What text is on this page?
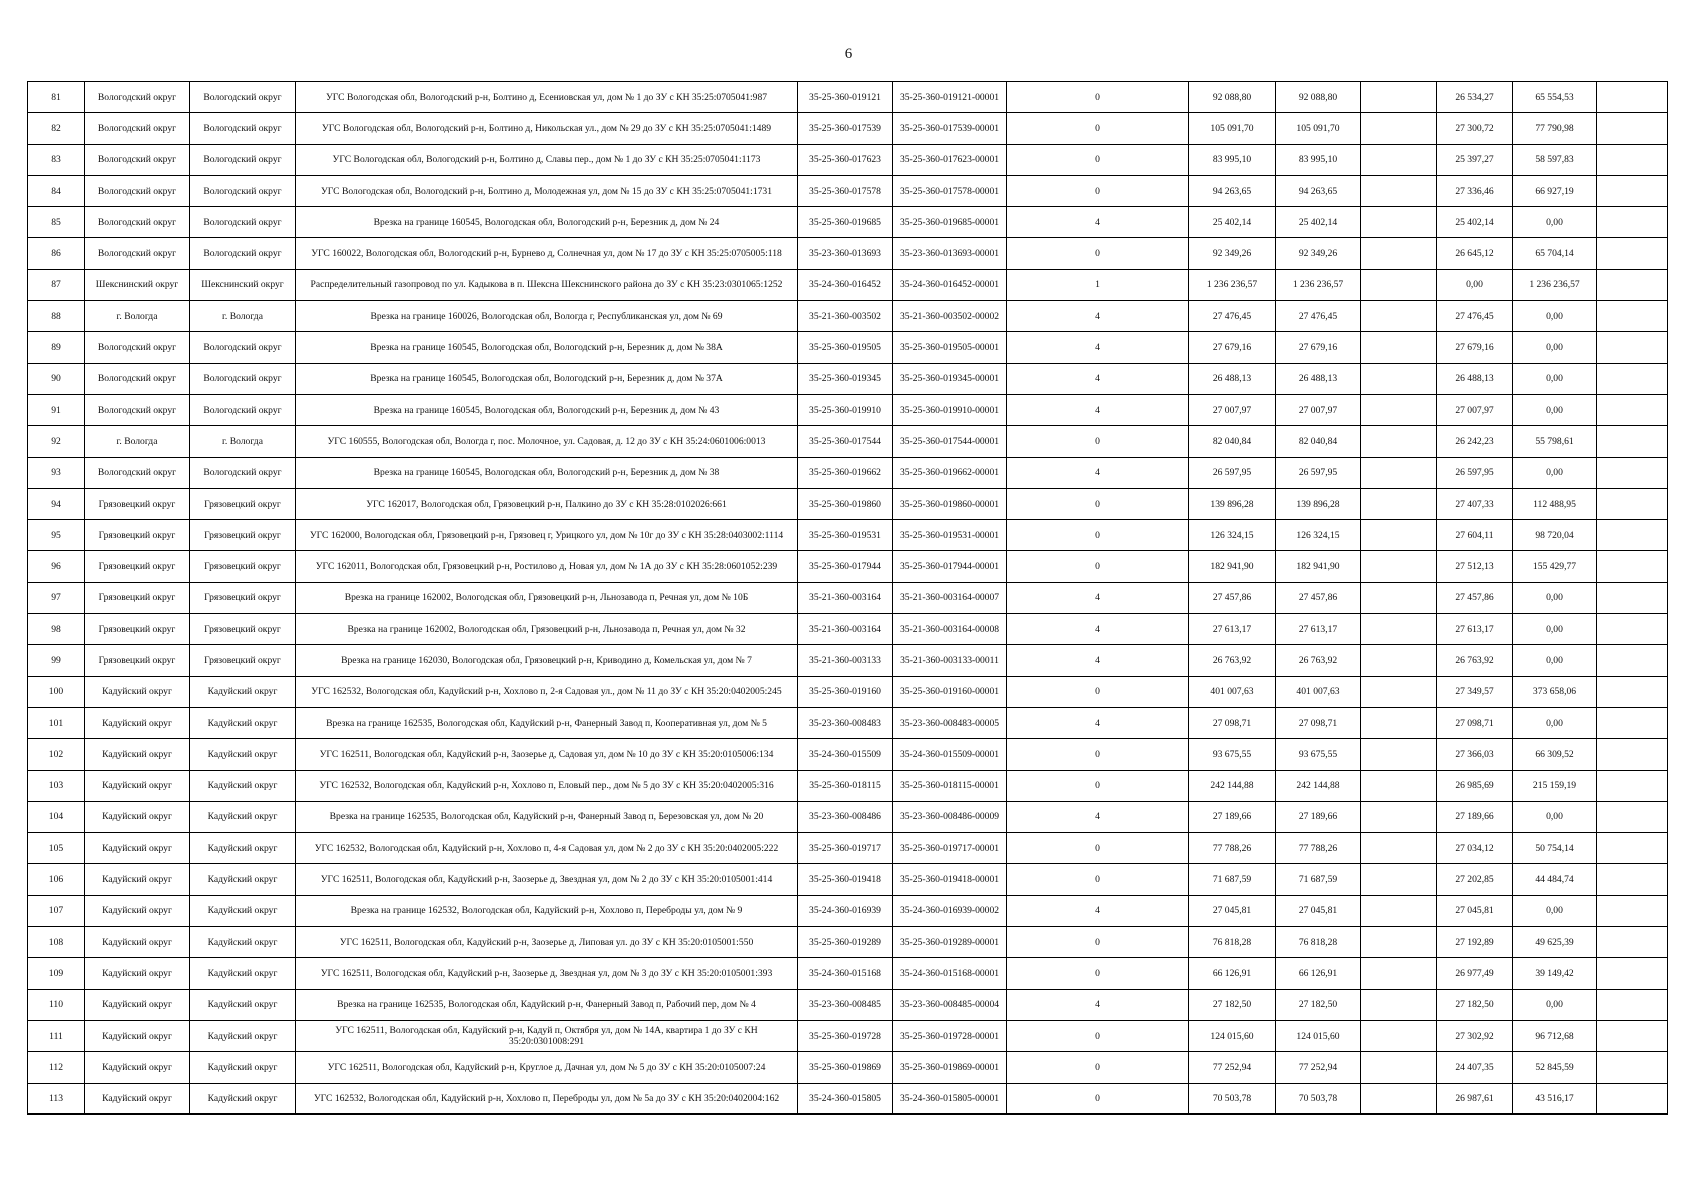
6
81	Вологодский округ	Вологодский округ	УГС Вологодская обл, Вологодский р-н, Болтино д, Есениовская ул, дом № 1 до ЗУ с КН 35:25:0705041:987	35-25-360-019121	35-25-360-019121-00001	0	92 088,80	92 088,80		26 534,27	65 554,53	
82	Вологодский округ	Вологодский округ	УГС Вологодская обл, Вологодский р-н, Болтино д, Никольская ул., дом № 29 до ЗУ с КН 35:25:0705041:1489	35-25-360-017539	35-25-360-017539-00001	0	105 091,70	105 091,70		27 300,72	77 790,98	
83	Вологодский округ	Вологодский округ	УГС Вологодская обл, Вологодский р-н, Болтино д, Славы пер., дом № 1 до ЗУ с КН 35:25:0705041:1173	35-25-360-017623	35-25-360-017623-00001	0	83 995,10	83 995,10		25 397,27	58 597,83	
84	Вологодский округ	Вологодский округ	УГС Вологодская обл, Вологодский р-н, Болтино д, Молодежная ул, дом № 15 до ЗУ с КН 35:25:0705041:1731	35-25-360-017578	35-25-360-017578-00001	0	94 263,65	94 263,65		27 336,46	66 927,19	
85	Вологодский округ	Вологодский округ	Врезка на границе 160545, Вологодская обл, Вологодский р-н, Березник д, дом № 24	35-25-360-019685	35-25-360-019685-00001	4	25 402,14	25 402,14		25 402,14	0,00	
86	Вологодский округ	Вологодский округ	УГС 160022, Вологодская обл, Вологодский р-н, Бурнево д, Солнечная ул, дом № 17 до ЗУ с КН 35:25:0705005:118	35-23-360-013693	35-23-360-013693-00001	0	92 349,26	92 349,26		26 645,12	65 704,14	
87	Шекснинский округ	Шекснинский округ	Распределительный газопровод по ул. Кадыкова в п. Шексна Шекснинского района до ЗУ с КН 35:23:0301065:1252	35-24-360-016452	35-24-360-016452-00001	1	1 236 236,57	1 236 236,57		0,00	1 236 236,57	
88	г. Вологда	г. Вологда	Врезка на границе 160026, Вологодская обл, Вологда г, Республиканская ул, дом № 69	35-21-360-003502	35-21-360-003502-00002	4	27 476,45	27 476,45		27 476,45	0,00	
89	Вологодский округ	Вологодский округ	Врезка на границе 160545, Вологодская обл, Вологодский р-н, Березник д, дом № 38А	35-25-360-019505	35-25-360-019505-00001	4	27 679,16	27 679,16		27 679,16	0,00	
90	Вологодский округ	Вологодский округ	Врезка на границе 160545, Вологодская обл, Вологодский р-н, Березник д, дом № 37А	35-25-360-019345	35-25-360-019345-00001	4	26 488,13	26 488,13		26 488,13	0,00	
91	Вологодский округ	Вологодский округ	Врезка на границе 160545, Вологодская обл, Вологодский р-н, Березник д, дом № 43	35-25-360-019910	35-25-360-019910-00001	4	27 007,97	27 007,97		27 007,97	0,00	
92	г. Вологда	г. Вологда	УГС 160555, Вологодская обл, Вологда г, пос. Молочное, ул. Садовая, д. 12 до ЗУ с КН 35:24:0601006:0013	35-25-360-017544	35-25-360-017544-00001	0	82 040,84	82 040,84		26 242,23	55 798,61	
93	Вологодский округ	Вологодский округ	Врезка на границе 160545, Вологодская обл, Вологодский р-н, Березник д, дом № 38	35-25-360-019662	35-25-360-019662-00001	4	26 597,95	26 597,95		26 597,95	0,00	
94	Грязовецкий округ	Грязовецкий округ	УГС 162017, Вологодская обл, Грязовецкий р-н, Палкино до ЗУ с КН 35:28:0102026:661	35-25-360-019860	35-25-360-019860-00001	0	139 896,28	139 896,28		27 407,33	112 488,95	
95	Грязовецкий округ	Грязовецкий округ	УГС 162000, Вологодская обл, Грязовецкий р-н, Грязовец г, Урицкого ул, дом № 10г до ЗУ с КН 35:28:0403002:1114	35-25-360-019531	35-25-360-019531-00001	0	126 324,15	126 324,15		27 604,11	98 720,04	
96	Грязовецкий округ	Грязовецкий округ	УГС 162011, Вологодская обл, Грязовецкий р-н, Ростилово д, Новая ул, дом № 1А до ЗУ с КН 35:28:0601052:239	35-25-360-017944	35-25-360-017944-00001	0	182 941,90	182 941,90		27 512,13	155 429,77	
97	Грязовецкий округ	Грязовецкий округ	Врезка на границе 162002, Вологодская обл, Грязовецкий р-н, Льнозавода п, Речная ул, дом № 10Б	35-21-360-003164	35-21-360-003164-00007	4	27 457,86	27 457,86		27 457,86	0,00	
98	Грязовецкий округ	Грязовецкий округ	Врезка на границе 162002, Вологодская обл, Грязовецкий р-н, Льнозавода п, Речная ул, дом № 32	35-21-360-003164	35-21-360-003164-00008	4	27 613,17	27 613,17		27 613,17	0,00	
99	Грязовецкий округ	Грязовецкий округ	Врезка на границе 162030, Вологодская обл, Грязовецкий р-н, Криводино д, Комельская ул, дом № 7	35-21-360-003133	35-21-360-003133-00011	4	26 763,92	26 763,92		26 763,92	0,00	
100	Кадуйский округ	Кадуйский округ	УГС 162532, Вологодская обл, Кадуйский р-н, Хохлово п, 2-я Садовая ул., дом № 11 до ЗУ с КН 35:20:0402005:245	35-25-360-019160	35-25-360-019160-00001	0	401 007,63	401 007,63		27 349,57	373 658,06	
101	Кадуйский округ	Кадуйский округ	Врезка на границе 162535, Вологодская обл, Кадуйский р-н, Фанерный Завод п, Кооперативная ул, дом № 5	35-23-360-008483	35-23-360-008483-00005	4	27 098,71	27 098,71		27 098,71	0,00	
102	Кадуйский округ	Кадуйский округ	УГС 162511, Вологодская обл, Кадуйский р-н, Заозерье д, Садовая ул, дом № 10 до ЗУ с КН 35:20:0105006:134	35-24-360-015509	35-24-360-015509-00001	0	93 675,55	93 675,55		27 366,03	66 309,52	
103	Кадуйский округ	Кадуйский округ	УГС 162532, Вологодская обл, Кадуйский р-н, Хохлово п, Еловый пер., дом № 5 до ЗУ с КН 35:20:0402005:316	35-25-360-018115	35-25-360-018115-00001	0	242 144,88	242 144,88		26 985,69	215 159,19	
104	Кадуйский округ	Кадуйский округ	Врезка на границе 162535, Вологодская обл, Кадуйский р-н, Фанерный Завод п, Березовская ул, дом № 20	35-23-360-008486	35-23-360-008486-00009	4	27 189,66	27 189,66		27 189,66	0,00	
105	Кадуйский округ	Кадуйский округ	УГС 162532, Вологодская обл, Кадуйский р-н, Хохлово п, 4-я Садовая ул, дом № 2 до ЗУ с КН 35:20:0402005:222	35-25-360-019717	35-25-360-019717-00001	0	77 788,26	77 788,26		27 034,12	50 754,14	
106	Кадуйский округ	Кадуйский округ	УГС 162511, Вологодская обл, Кадуйский р-н, Заозерье д, Звездная ул, дом № 2 до ЗУ с КН 35:20:0105001:414	35-25-360-019418	35-25-360-019418-00001	0	71 687,59	71 687,59		27 202,85	44 484,74	
107	Кадуйский округ	Кадуйский округ	Врезка на границе 162532, Вологодская обл, Кадуйский р-н, Хохлово п, Переброды ул, дом № 9	35-24-360-016939	35-24-360-016939-00002	4	27 045,81	27 045,81		27 045,81	0,00	
108	Кадуйский округ	Кадуйский округ	УГС 162511, Вологодская обл, Кадуйский р-н, Заозерье д, Липовая ул. до ЗУ с КН 35:20:0105001:550	35-25-360-019289	35-25-360-019289-00001	0	76 818,28	76 818,28		27 192,89	49 625,39	
109	Кадуйский округ	Кадуйский округ	УГС 162511, Вологодская обл, Кадуйский р-н, Заозерье д, Звездная ул, дом № 3 до ЗУ с КН 35:20:0105001:393	35-24-360-015168	35-24-360-015168-00001	0	66 126,91	66 126,91		26 977,49	39 149,42	
110	Кадуйский округ	Кадуйский округ	Врезка на границе 162535, Вологодская обл, Кадуйский р-н, Фанерный Завод п, Рабочий пер, дом № 4	35-23-360-008485	35-23-360-008485-00004	4	27 182,50	27 182,50		27 182,50	0,00	
111	Кадуйский округ	Кадуйский округ	УГС 162511, Вологодская обл, Кадуйский р-н, Кадуй п, Октября ул, дом № 14А, квартира 1 до ЗУ с КН 35:20:0301008:291	35-25-360-019728	35-25-360-019728-00001	0	124 015,60	124 015,60		27 302,92	96 712,68	
112	Кадуйский округ	Кадуйский округ	УГС 162511, Вологодская обл, Кадуйский р-н, Круглое д, Дачная ул, дом № 5 до ЗУ с КН 35:20:0105007:24	35-25-360-019869	35-25-360-019869-00001	0	77 252,94	77 252,94		24 407,35	52 845,59	
113	Кадуйский округ	Кадуйский округ	УГС 162532, Вологодская обл, Кадуйский р-н, Хохлово п, Переброды ул, дом № 5а до ЗУ с КН 35:20:0402004:162	35-24-360-015805	35-24-360-015805-00001	0	70 503,78	70 503,78		26 987,61	43 516,17	
